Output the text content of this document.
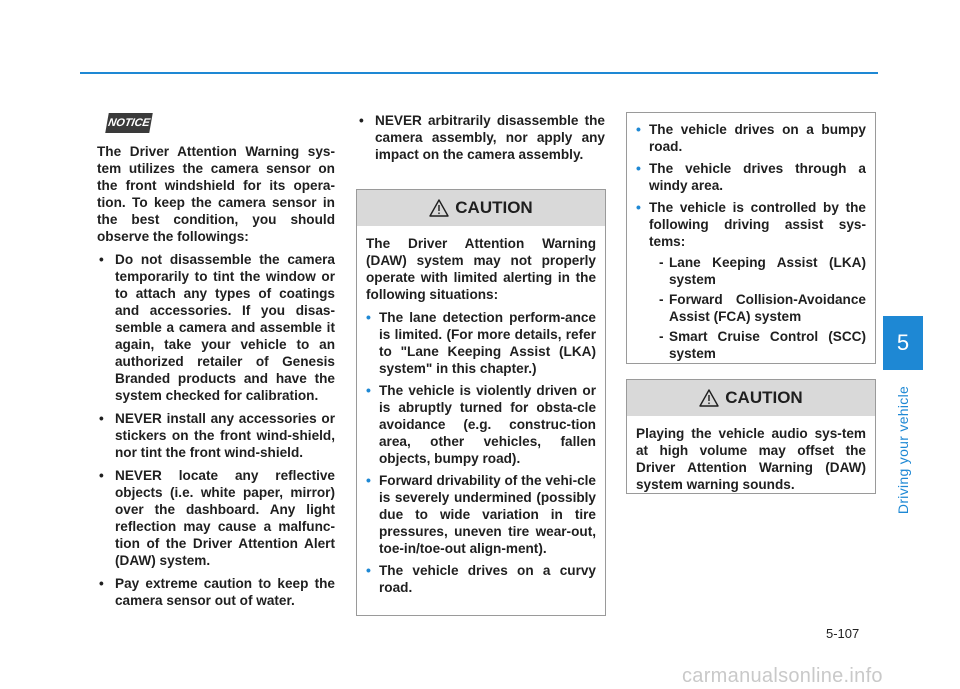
5
Driving your vehicle
NOTICE

The Driver Attention Warning sys-tem utilizes the camera sensor on the front windshield for its opera-tion. To keep the camera sensor in the best condition, you should observe the followings:

• Do not disassemble the camera temporarily to tint the window or to attach any types of coatings and accessories. If you disas-semble a camera and assemble it again, take your vehicle to an authorized retailer of Genesis Branded products and have the system checked for calibration.
• NEVER install any accessories or stickers on the front wind-shield, nor tint the front wind-shield.
• NEVER locate any reflective objects (i.e. white paper, mirror) over the dashboard. Any light reflection may cause a malfunc-tion of the Driver Attention Alert (DAW) system.
• Pay extreme caution to keep the camera sensor out of water.
• NEVER arbitrarily disassemble the camera assembly, nor apply any impact on the camera assembly.
CAUTION

The Driver Attention Warning (DAW) system may not properly operate with limited alerting in the following situations:

• The lane detection perform-ance is limited. (For more details, refer to "Lane Keeping Assist (LKA) system" in this chapter.)
• The vehicle is violently driven or is abruptly turned for obsta-cle avoidance (e.g. construc-tion area, other vehicles, fallen objects, bumpy road).
• Forward drivability of the vehi-cle is severely undermined (possibly due to wide variation in tire pressures, uneven tire wear-out, toe-in/toe-out align-ment).
• The vehicle drives on a curvy road.
• The vehicle drives on a bumpy road.
• The vehicle drives through a windy area.
• The vehicle is controlled by the following driving assist sys-tems:
- Lane Keeping Assist (LKA) system
- Forward Collision-Avoidance Assist (FCA) system
- Smart Cruise Control (SCC) system
CAUTION

Playing the vehicle audio sys-tem at high volume may offset the Driver Attention Warning (DAW) system warning sounds.

5-107
carmanualsonline.info
